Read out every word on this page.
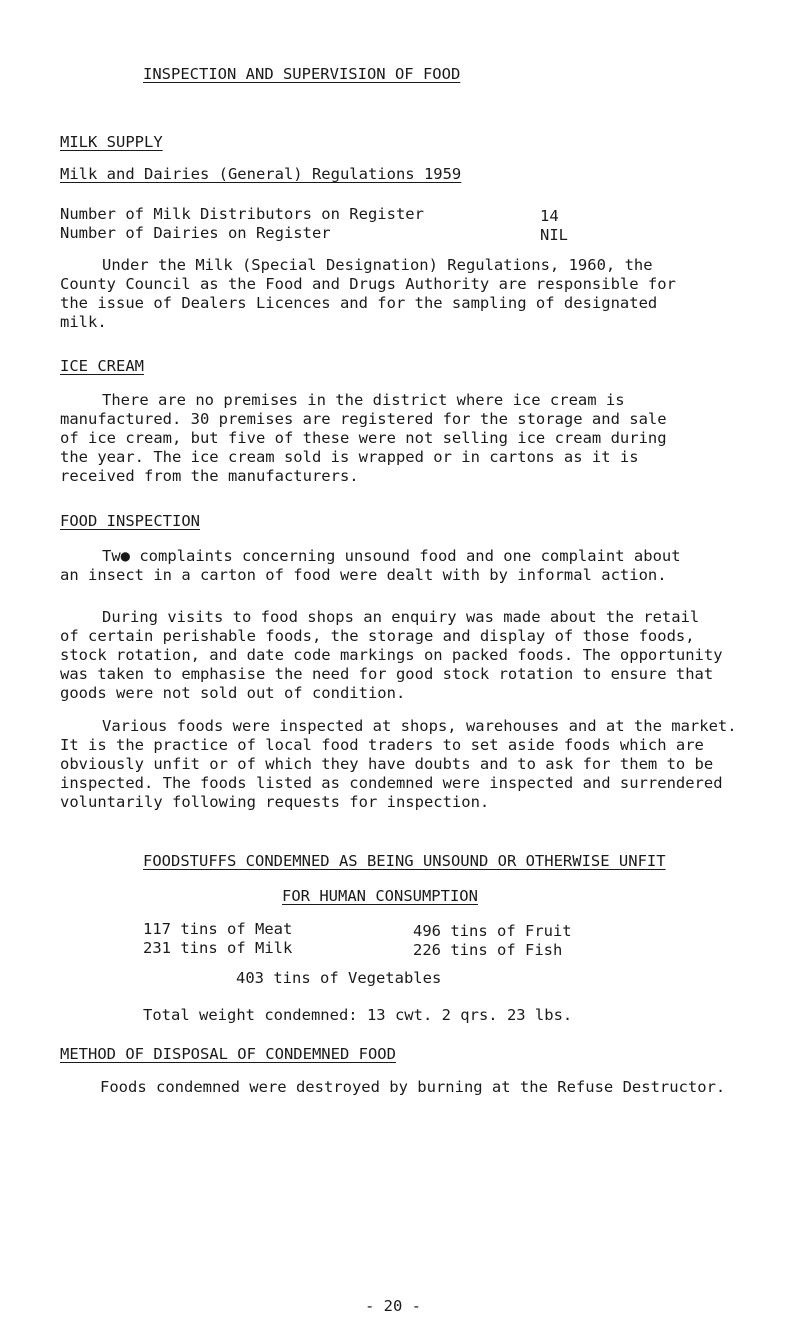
INSPECTION AND SUPERVISION OF FOOD
MILK SUPPLY
Milk and Dairies (General) Regulations 1959
Number of Milk Distributors on Register	14
Number of Dairies on Register	NIL
Under the Milk (Special Designation) Regulations, 1960, the
County Council as the Food and Drugs Authority are responsible for
the issue of Dealers Licences and for the sampling of designated
milk.
ICE CREAM
There are no premises in the district where ice cream is
manufactured. 30 premises are registered for the storage and sale
of ice cream, but five of these were not selling ice cream during
the year. The ice cream sold is wrapped or in cartons as it is
received from the manufacturers.
FOOD INSPECTION
Tw● complaints concerning unsound food and one complaint about
an insect in a carton of food were dealt with by informal action.
During visits to food shops an enquiry was made about the retail
of certain perishable foods, the storage and display of those foods,
stock rotation, and date code markings on packed foods. The opportunity
was taken to emphasise the need for good stock rotation to ensure that
goods were not sold out of condition.
Various foods were inspected at shops, warehouses and at the market.
It is the practice of local food traders to set aside foods which are
obviously unfit or of which they have doubts and to ask for them to be
inspected. The foods listed as condemned were inspected and surrendered
voluntarily following requests for inspection.
FOODSTUFFS CONDEMNED AS BEING UNSOUND OR OTHERWISE UNFIT
FOR HUMAN CONSUMPTION
117 tins of Meat	496 tins of Fruit
231 tins of Milk	226 tins of Fish
403 tins of Vegetables
Total weight condemned: 13 cwt. 2 qrs. 23 lbs.
METHOD OF DISPOSAL OF CONDEMNED FOOD
Foods condemned were destroyed by burning at the Refuse Destructor.
- 20 -
